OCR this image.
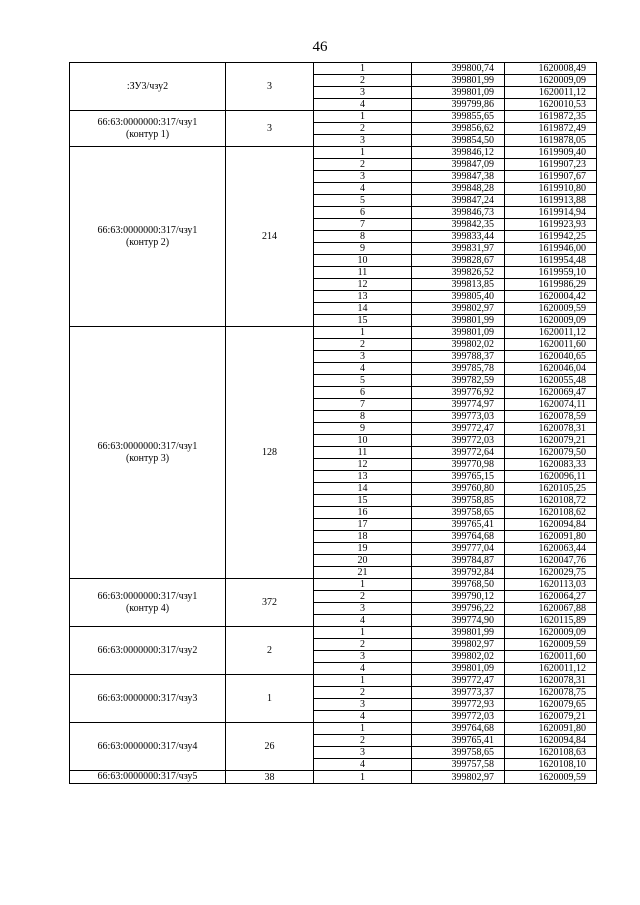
46
:ЗУ3/чзу2	3	1	399800,74	1620008,49
		2	399801,99	1620009,09
		3	399801,09	1620011,12
		4	399799,86	1620010,53
66:63:0000000:317/чзу1
(контур 1)	3	1	399855,65	1619872,35
		2	399856,62	1619872,49
		3	399854,50	1619878,05
66:63:0000000:317/чзу1
(контур 2)	214	1	399846,12	1619909,40
		2	399847,09	1619907,23
		3	399847,38	1619907,67
		4	399848,28	1619910,80
		5	399847,24	1619913,88
		6	399846,73	1619914,94
		7	399842,35	1619923,93
		8	399833,44	1619942,25
		9	399831,97	1619946,00
		10	399828,67	1619954,48
		11	399826,52	1619959,10
		12	399813,85	1619986,29
		13	399805,40	1620004,42
		14	399802,97	1620009,59
		15	399801,99	1620009,09
66:63:0000000:317/чзу1
(контур 3)	128	1	399801,09	1620011,12
		2	399802,02	1620011,60
		3	399788,37	1620040,65
		4	399785,78	1620046,04
		5	399782,59	1620055,48
		6	399776,92	1620069,47
		7	399774,97	1620074,11
		8	399773,03	1620078,59
		9	399772,47	1620078,31
		10	399772,03	1620079,21
		11	399772,64	1620079,50
		12	399770,98	1620083,33
		13	399765,15	1620096,11
		14	399760,80	1620105,25
		15	399758,85	1620108,72
		16	399758,65	1620108,62
		17	399765,41	1620094,84
		18	399764,68	1620091,80
		19	399777,04	1620063,44
		20	399784,87	1620047,76
		21	399792,84	1620029,75
66:63:0000000:317/чзу1
(контур 4)	372	1	399768,50	1620113,03
		2	399790,12	1620064,27
		3	399796,22	1620067,88
		4	399774,90	1620115,89
66:63:0000000:317/чзу2	2	1	399801,99	1620009,09
		2	399802,97	1620009,59
		3	399802,02	1620011,60
		4	399801,09	1620011,12
66:63:0000000:317/чзу3	1	1	399772,47	1620078,31
		2	399773,37	1620078,75
		3	399772,93	1620079,65
		4	399772,03	1620079,21
66:63:0000000:317/чзу4	26	1	399764,68	1620091,80
		2	399765,41	1620094,84
		3	399758,65	1620108,63
		4	399757,58	1620108,10
66:63:0000000:317/чзу5	38	1	399802,97	1620009,59
